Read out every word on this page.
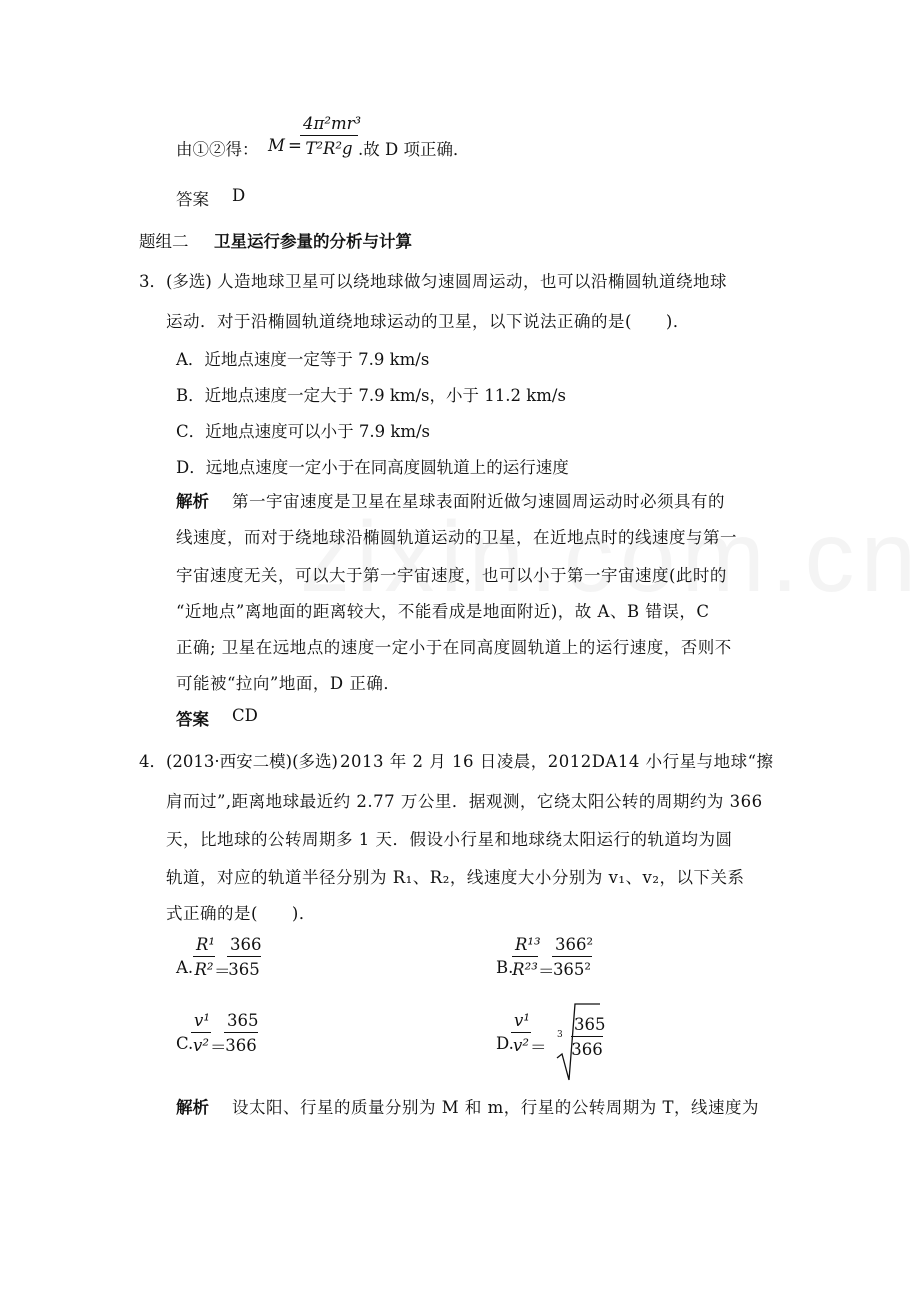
由①②得： M =
$\frac{\text{4π²mr³}}{\text{T²R²g}}$ .故 D 项正确．
答案 D
题组二 卫星运行参量的分析与计算
3． (多选) 人造地球卫星可以绕地球做匀速圆周运动，也可以沿椭圆轨道绕地球
运动．对于沿椭圆轨道绕地球运动的卫星，以下说法正确的是(　　)．
A．近地点速度一定等于 7.9 km/s
B．近地点速度一定大于 7.9 km/s，小于 11.2 km/s
C．近地点速度可以小于 7.9 km/s
D．远地点速度一定小于在同高度圆轨道上的运行速度
解析 第一宇宙速度是卫星在星球表面附近做匀速圆周运动时必须具有的
线速度，而对于绕地球沿椭圆轨道运动的卫星，在近地点时的线速度与第一
宇宙速度无关，可以大于第一宇宙速度，也可以小于第一宇宙速度(此时的
“近地点”离地面的距离较大，不能看成是地面附近)，故 A、B 错误，C
正确; 卫星在远地点的速度一定小于在同高度圆轨道上的运行速度，否则不
可能被“拉向”地面，D 正确．
答案 CD
4． (2013·西安二模)(多选) 2013 年 2 月 16 日凌晨，2012DA14 小行星与地球“擦
肩而过”,距离地球最近约 2.77 万公里．据观测，它绕太阳公转的周期约为 366
天，比地球的公转周期多 1 天．假设小行星和地球绕太阳运行的轨道均为圆
轨道，对应的轨道半径分别为 R₁、R₂，线速度大小分别为 v₁、v₂，以下关系
式正确的是(　　)．
A. $\frac{\text{R¹}}{\text{R²}}$ ＝
$\frac{366}{365}$	B.
$\frac{\text{R¹³}}{\text{R²³}}$ ＝
$\frac{\text{366²}}{\text{365²}}$
C.
$\frac{\text{v¹}}{\text{v²}}$ ＝
$\frac{365}{366}$	D.
$\frac{\text{v¹}}{\text{v²}}$ ＝
$3 \frac{365}{366}$
解析 设太阳、行星的质量分别为 M 和 m，行星的公转周期为 T，线速度为
